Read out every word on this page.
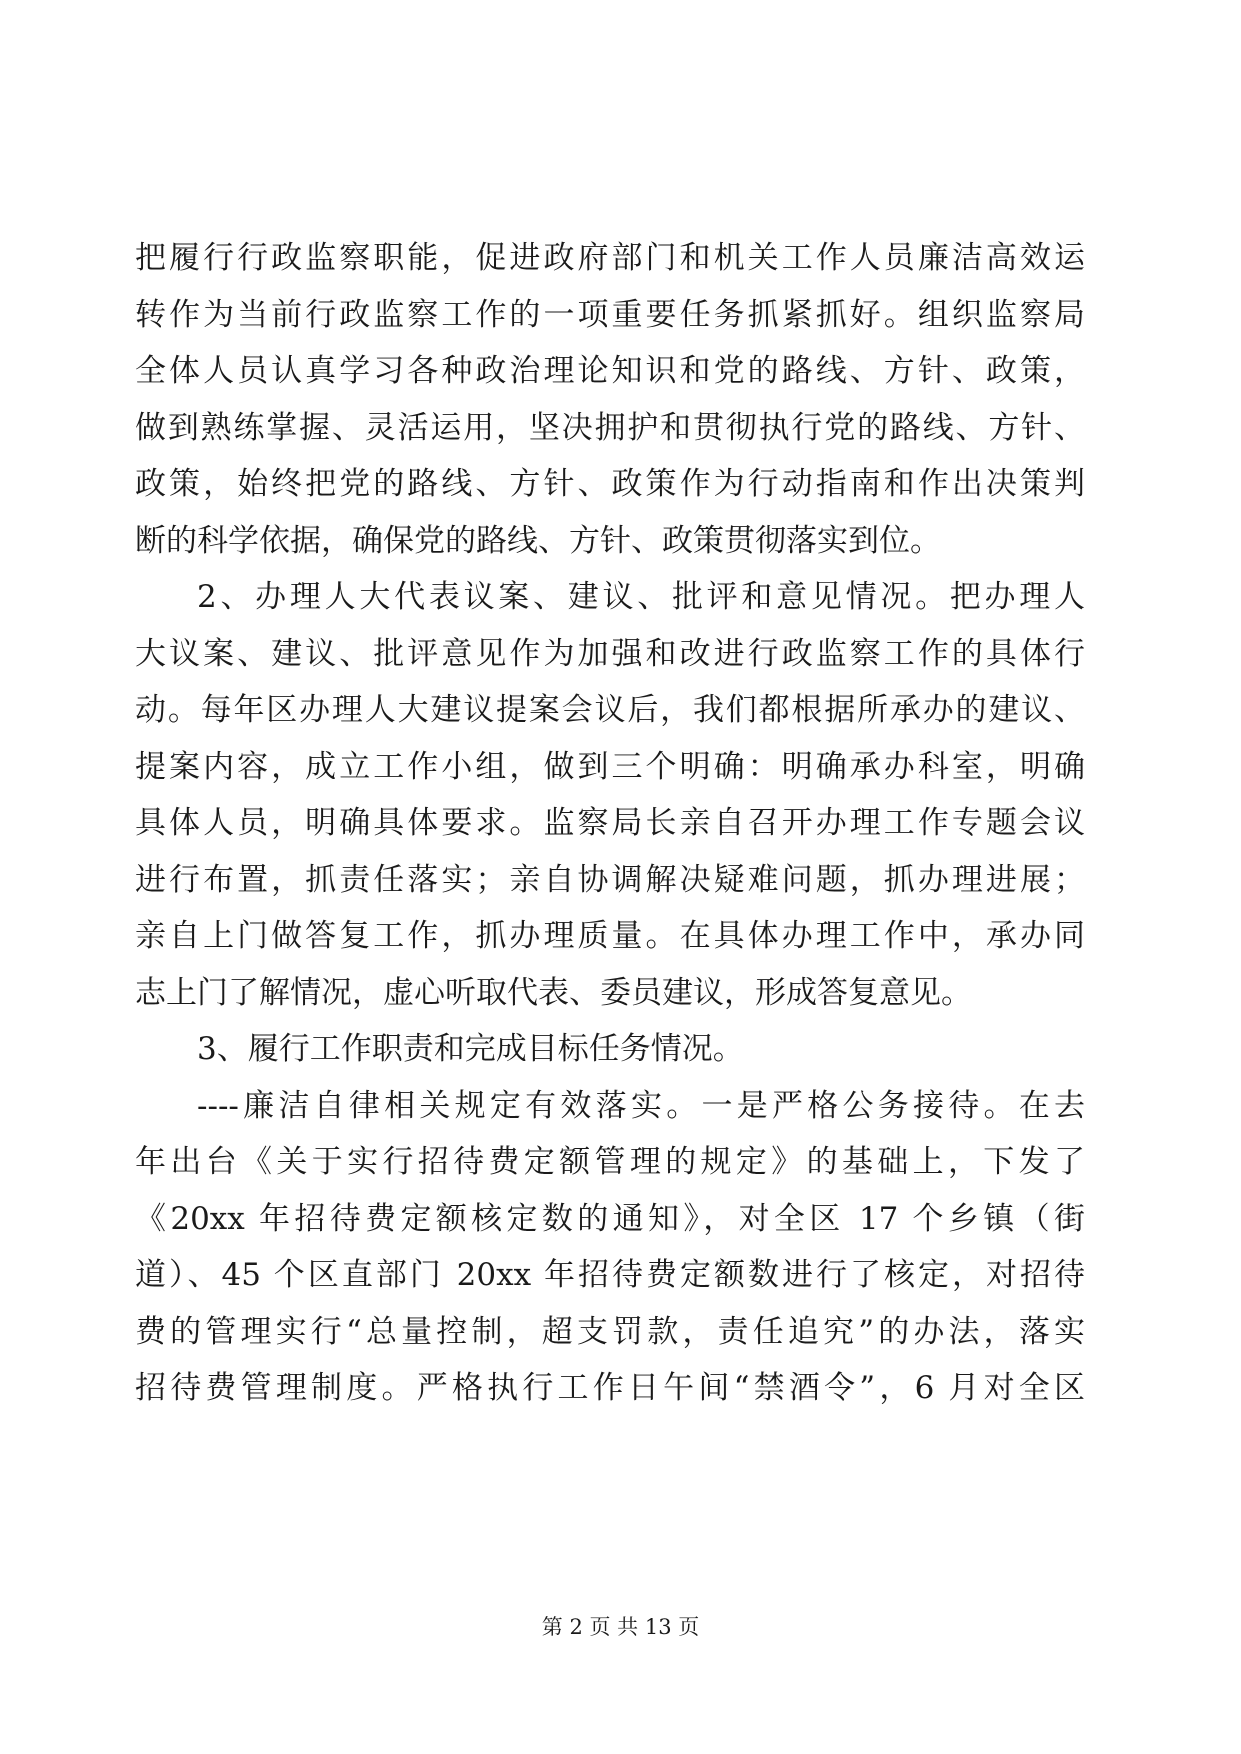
把履行行政监察职能，促进政府部门和机关工作人员廉洁高效运

转作为当前行政监察工作的一项重要任务抓紧抓好。组织监察局

全体人员认真学习各种政治理论知识和党的路线、方针、政策，

做到熟练掌握、灵活运用，坚决拥护和贯彻执行党的路线、方针、

政策，始终把党的路线、方针、政策作为行动指南和作出决策判

断的科学依据，确保党的路线、方针、政策贯彻落实到位。

2、办理人大代表议案、建议、批评和意见情况。把办理人

大议案、建议、批评意见作为加强和改进行政监察工作的具体行

动。每年区办理人大建议提案会议后，我们都根据所承办的建议、

提案内容，成立工作小组，做到三个明确：明确承办科室，明确

具体人员，明确具体要求。监察局长亲自召开办理工作专题会议

进行布置，抓责任落实；亲自协调解决疑难问题，抓办理进展；

亲自上门做答复工作，抓办理质量。在具体办理工作中，承办同

志上门了解情况，虚心听取代表、委员建议，形成答复意见。

3、履行工作职责和完成目标任务情况。

----廉洁自律相关规定有效落实。一是严格公务接待。在去

年出台《关于实行招待费定额管理的规定》的基础上，下发了

《20xx 年招待费定额核定数的通知》，对全区 17 个乡镇（街

道）、45 个区直部门 20xx 年招待费定额数进行了核定，对招待

费的管理实行“总量控制，超支罚款，责任追究”的办法，落实

招待费管理制度。严格执行工作日午间“禁酒令”，6 月对全区

第 2 页 共 13 页
